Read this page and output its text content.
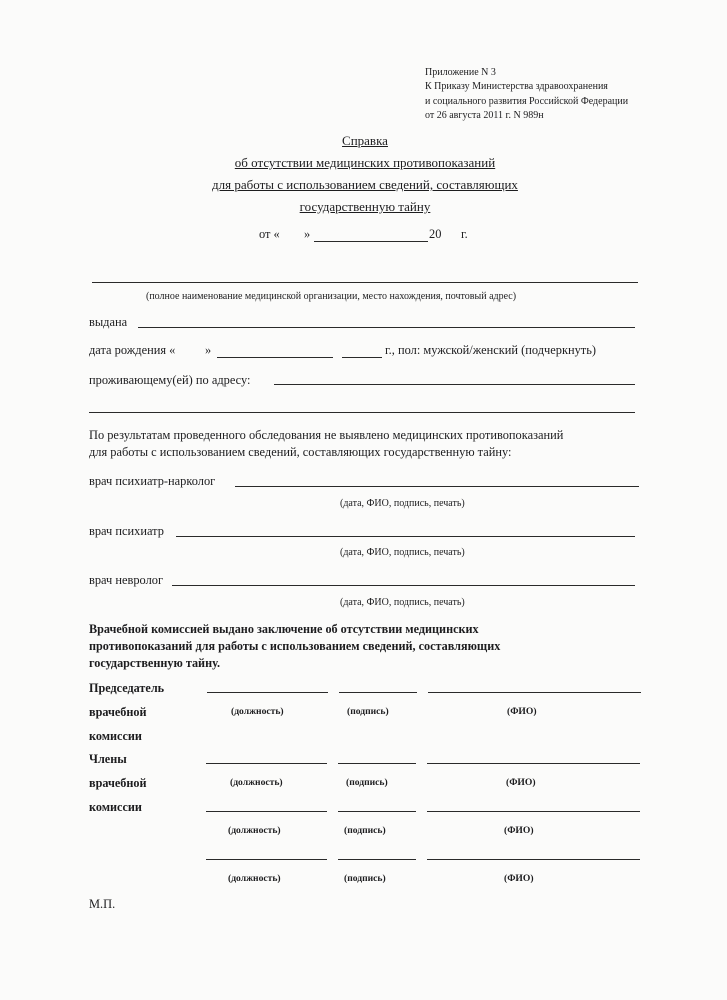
Приложение N 3
К Приказу Министерства здравоохранения
и социального развития Российской Федерации
от 26 августа 2011 г. N 989н
Справка
об отсутствии медицинских противопоказаний
для работы с использованием сведений, составляющих
государственную тайну
от « »	20 г.
(полное наименование медицинской организации, место нахождения, почтовый адрес)
выдана
дата рождения « »	г., пол: мужской/женский (подчеркнуть)
проживающему(ей) по адресу:
По результатам проведенного обследования не выявлено медицинских противопоказаний
для работы с использованием сведений, составляющих государственную тайну:
врач психиатр-нарколог
(дата, ФИО, подпись, печать)
врач психиатр
(дата, ФИО, подпись, печать)
врач невролог
(дата, ФИО, подпись, печать)
Врачебной комиссией выдано заключение об отсутствии медицинских
противопоказаний для работы с использованием сведений, составляющих
государственную тайну.
Председатель
врачебной
комиссии
(должность)	(подпись)	(ФИО)
Члены
врачебной
комиссии
(должность)	(подпись)	(ФИО)
(должность)	(подпись)	(ФИО)
(должность)	(подпись)	(ФИО)
М.П.
